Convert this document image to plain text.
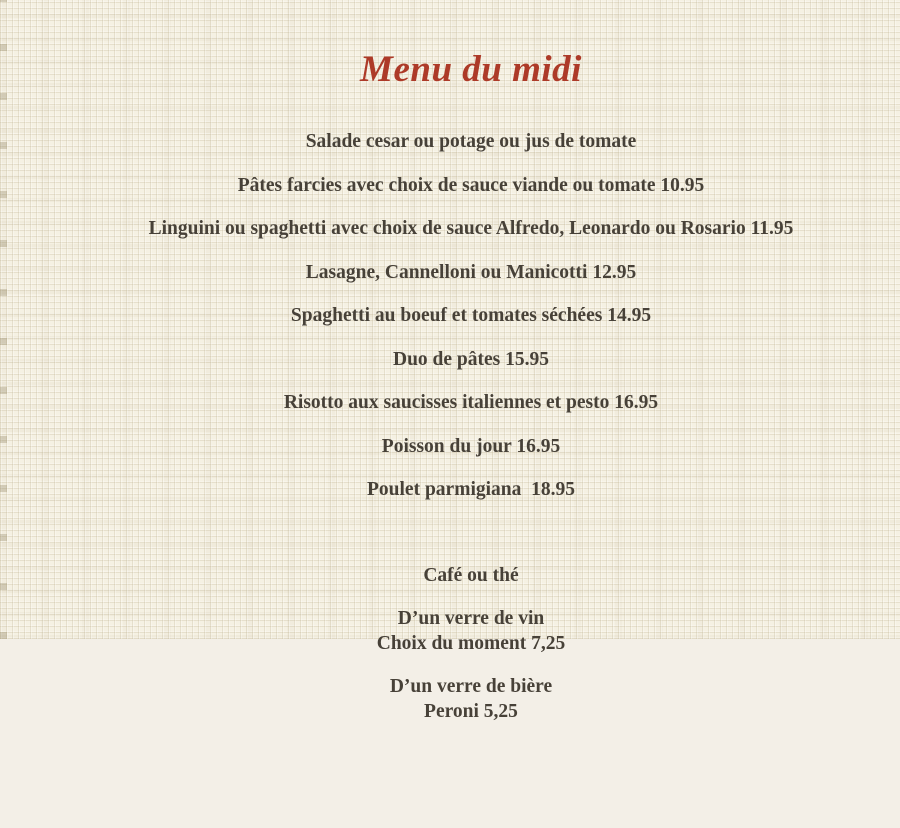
Menu du midi
Salade cesar ou potage ou jus de tomate
Pâtes farcies avec choix de sauce viande ou tomate 10.95
Linguini ou spaghetti avec choix de sauce Alfredo, Leonardo ou Rosario 11.95
Lasagne, Cannelloni ou Manicotti 12.95
Spaghetti au boeuf et tomates séchées 14.95
Duo de pâtes 15.95
Risotto aux saucisses italiennes et pesto 16.95
Poisson du jour 16.95
Poulet parmigiana  18.95
Café ou thé
D’un verre de vin
Choix du moment 7,25
D’un verre de bière
Peroni 5,25
